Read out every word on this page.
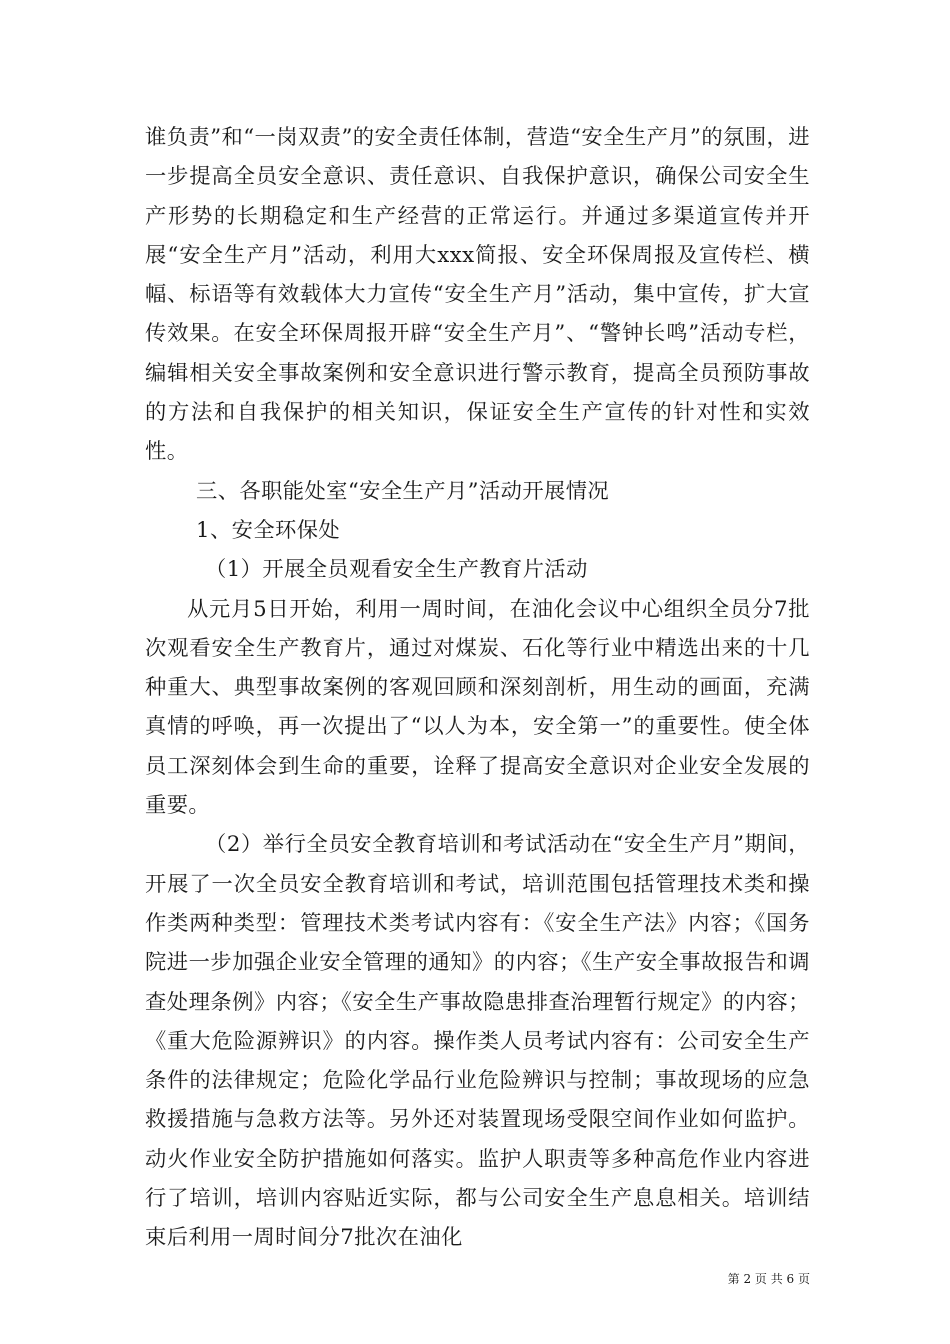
谁负责”和“一岗双责”的安全责任体制，营造“安全生产月”的氛围，进一步提高全员安全意识、责任意识、自我保护意识，确保公司安全生产形势的长期稳定和生产经营的正常运行。并通过多渠道宣传并开展“安全生产月”活动，利用大xxx简报、安全环保周报及宣传栏、横幅、标语等有效载体大力宣传“安全生产月”活动，集中宣传，扩大宣传效果。在安全环保周报开辟“安全生产月”、“警钟长鸣”活动专栏，编辑相关安全事故案例和安全意识进行警示教育，提高全员预防事故的方法和自我保护的相关知识，保证安全生产宣传的针对性和实效性。

三、各职能处室“安全生产月”活动开展情况

1、安全环保处

（1）开展全员观看安全生产教育片活动

从元月5日开始，利用一周时间，在油化会议中心组织全员分7批次观看安全生产教育片，通过对煤炭、石化等行业中精选出来的十几种重大、典型事故案例的客观回顾和深刻剖析，用生动的画面，充满真情的呼唤，再一次提出了“以人为本，安全第一”的重要性。使全体员工深刻体会到生命的重要，诠释了提高安全意识对企业安全发展的重要。

（2）举行全员安全教育培训和考试活动在“安全生产月”期间，开展了一次全员安全教育培训和考试，培训范围包括管理技术类和操作类两种类型：管理技术类考试内容有：《安全生产法》内容；《国务院进一步加强企业安全管理的通知》的内容；《生产安全事故报告和调查处理条例》内容；《安全生产事故隐患排查治理暂行规定》的内容；《重大危险源辨识》的内容。操作类人员考试内容有：公司安全生产条件的法律规定；危险化学品行业危险辨识与控制；事故现场的应急救援措施与急救方法等。另外还对装置现场受限空间作业如何监护。动火作业安全防护措施如何落实。监护人职责等多种高危作业内容进行了培训，培训内容贴近实际，都与公司安全生产息息相关。培训结束后利用一周时间分7批次在油化

第 2 页 共 6 页
